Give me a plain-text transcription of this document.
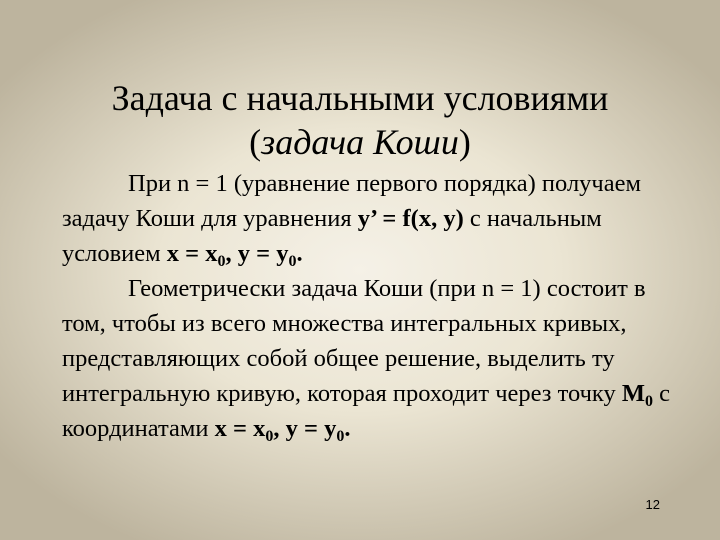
Задача с начальными условиями
(задача Коши)

При n = 1 (уравнение первого порядка) получаем задачу Коши для уравнения y’ = f(x, y) с начальным условием $x = x_0$, $y = y_0$.

Геометрически задача Коши (при n = 1) состоит в том, чтобы из всего множества интегральных кривых, представляющих собой общее решение, выделить ту интегральную кривую, которая проходит через точку $M_0$ с координатами $x = x_0$, $y = y_0$.

12
